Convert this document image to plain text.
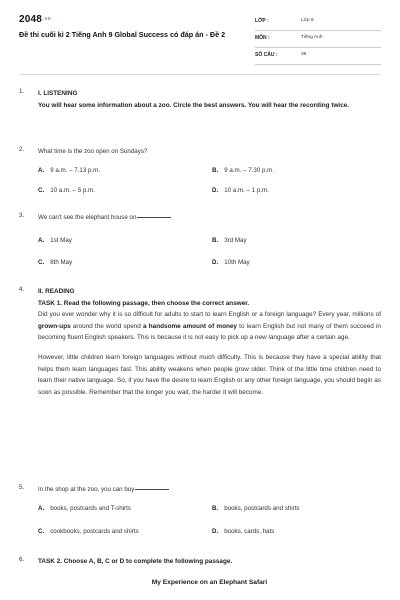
2048.vn
Đề thi cuối kì 2 Tiếng Anh 9 Global Success có đáp án - Đề 2
LỚP :	Lớp 9
MÔN :	Tiếng Anh
SỐ CÂU :	36
1. I. LISTENING
You will hear some information about a zoo. Circle the best answers. You will hear the recording twice.
2. What time is the zoo open on Sundays?
A. 9 a.m. – 7.13 p.m.	B. 9 a.m. – 7.30 p.m.
C. 10 a.m. – 5 p.m.	D. 10 a.m. – 1 p.m.
3. We can't see the elephant house on
A. 1st May	B. 3rd May
C. 8th May	D. 10th May
4. II. READING
TASK 1. Read the following passage, then choose the correct answer.

Did you ever wonder why it is so difficult for adults to start to learn English or a foreign language? Every year, millions of grown-ups around the world spend a handsome amount of money to learn English but not many of them succeed in becoming fluent English speakers. This is because it is not easy to pick up a new language after a certain age.

However, little children learn foreign languages without much difficulty. This is because they have a special ability that helps them learn languages fast. This ability weakens when people grow older. Think of the little time children need to learn their native language. So, if you have the desire to learn English or any other foreign language, you should begin as soon as possible. Remember that the longer you wait, the harder it will become.

5. In the shop at the zoo, you can buy
A. books, postcards and T-shirts	B. books, postcards and shirts
C. cookbooks, postcards and shirts	D. books, cards, hats
6. TASK 2. Choose A, B, C or D to complete the following passage.
My Experience on an Elephant Safari
